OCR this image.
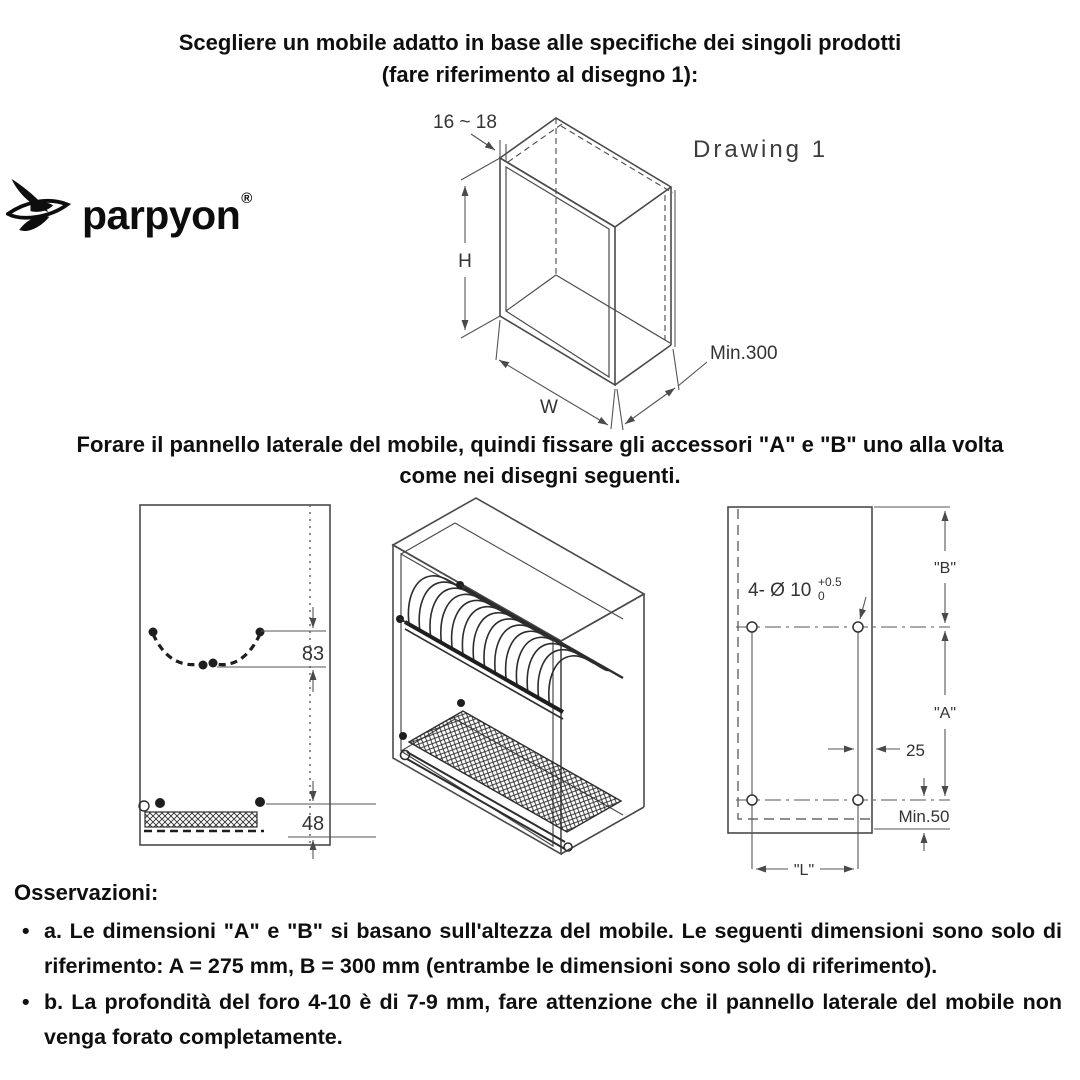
Scegliere un mobile adatto in base alle specifiche dei singoli prodotti
(fare riferimento al disegno 1):
parpyon®
16 ~ 18
H
W
Min.300
Drawing 1
Forare il pannello laterale del mobile, quindi fissare gli accessori "A" e "B" uno alla volta
come nei disegni seguenti.
83
48
4- Ø 10 +0.5
0
"B"
"A"
25
Min.50
"L"
Osservazioni:
• a. Le dimensioni "A" e "B" si basano sull'altezza del mobile. Le seguenti dimensioni sono solo di riferimento: A = 275 mm, B = 300 mm (entrambe le dimensioni sono solo di riferimento).
• b. La profondità del foro 4-10 è di 7-9 mm, fare attenzione che il pannello laterale del mobile non venga forato completamente.
